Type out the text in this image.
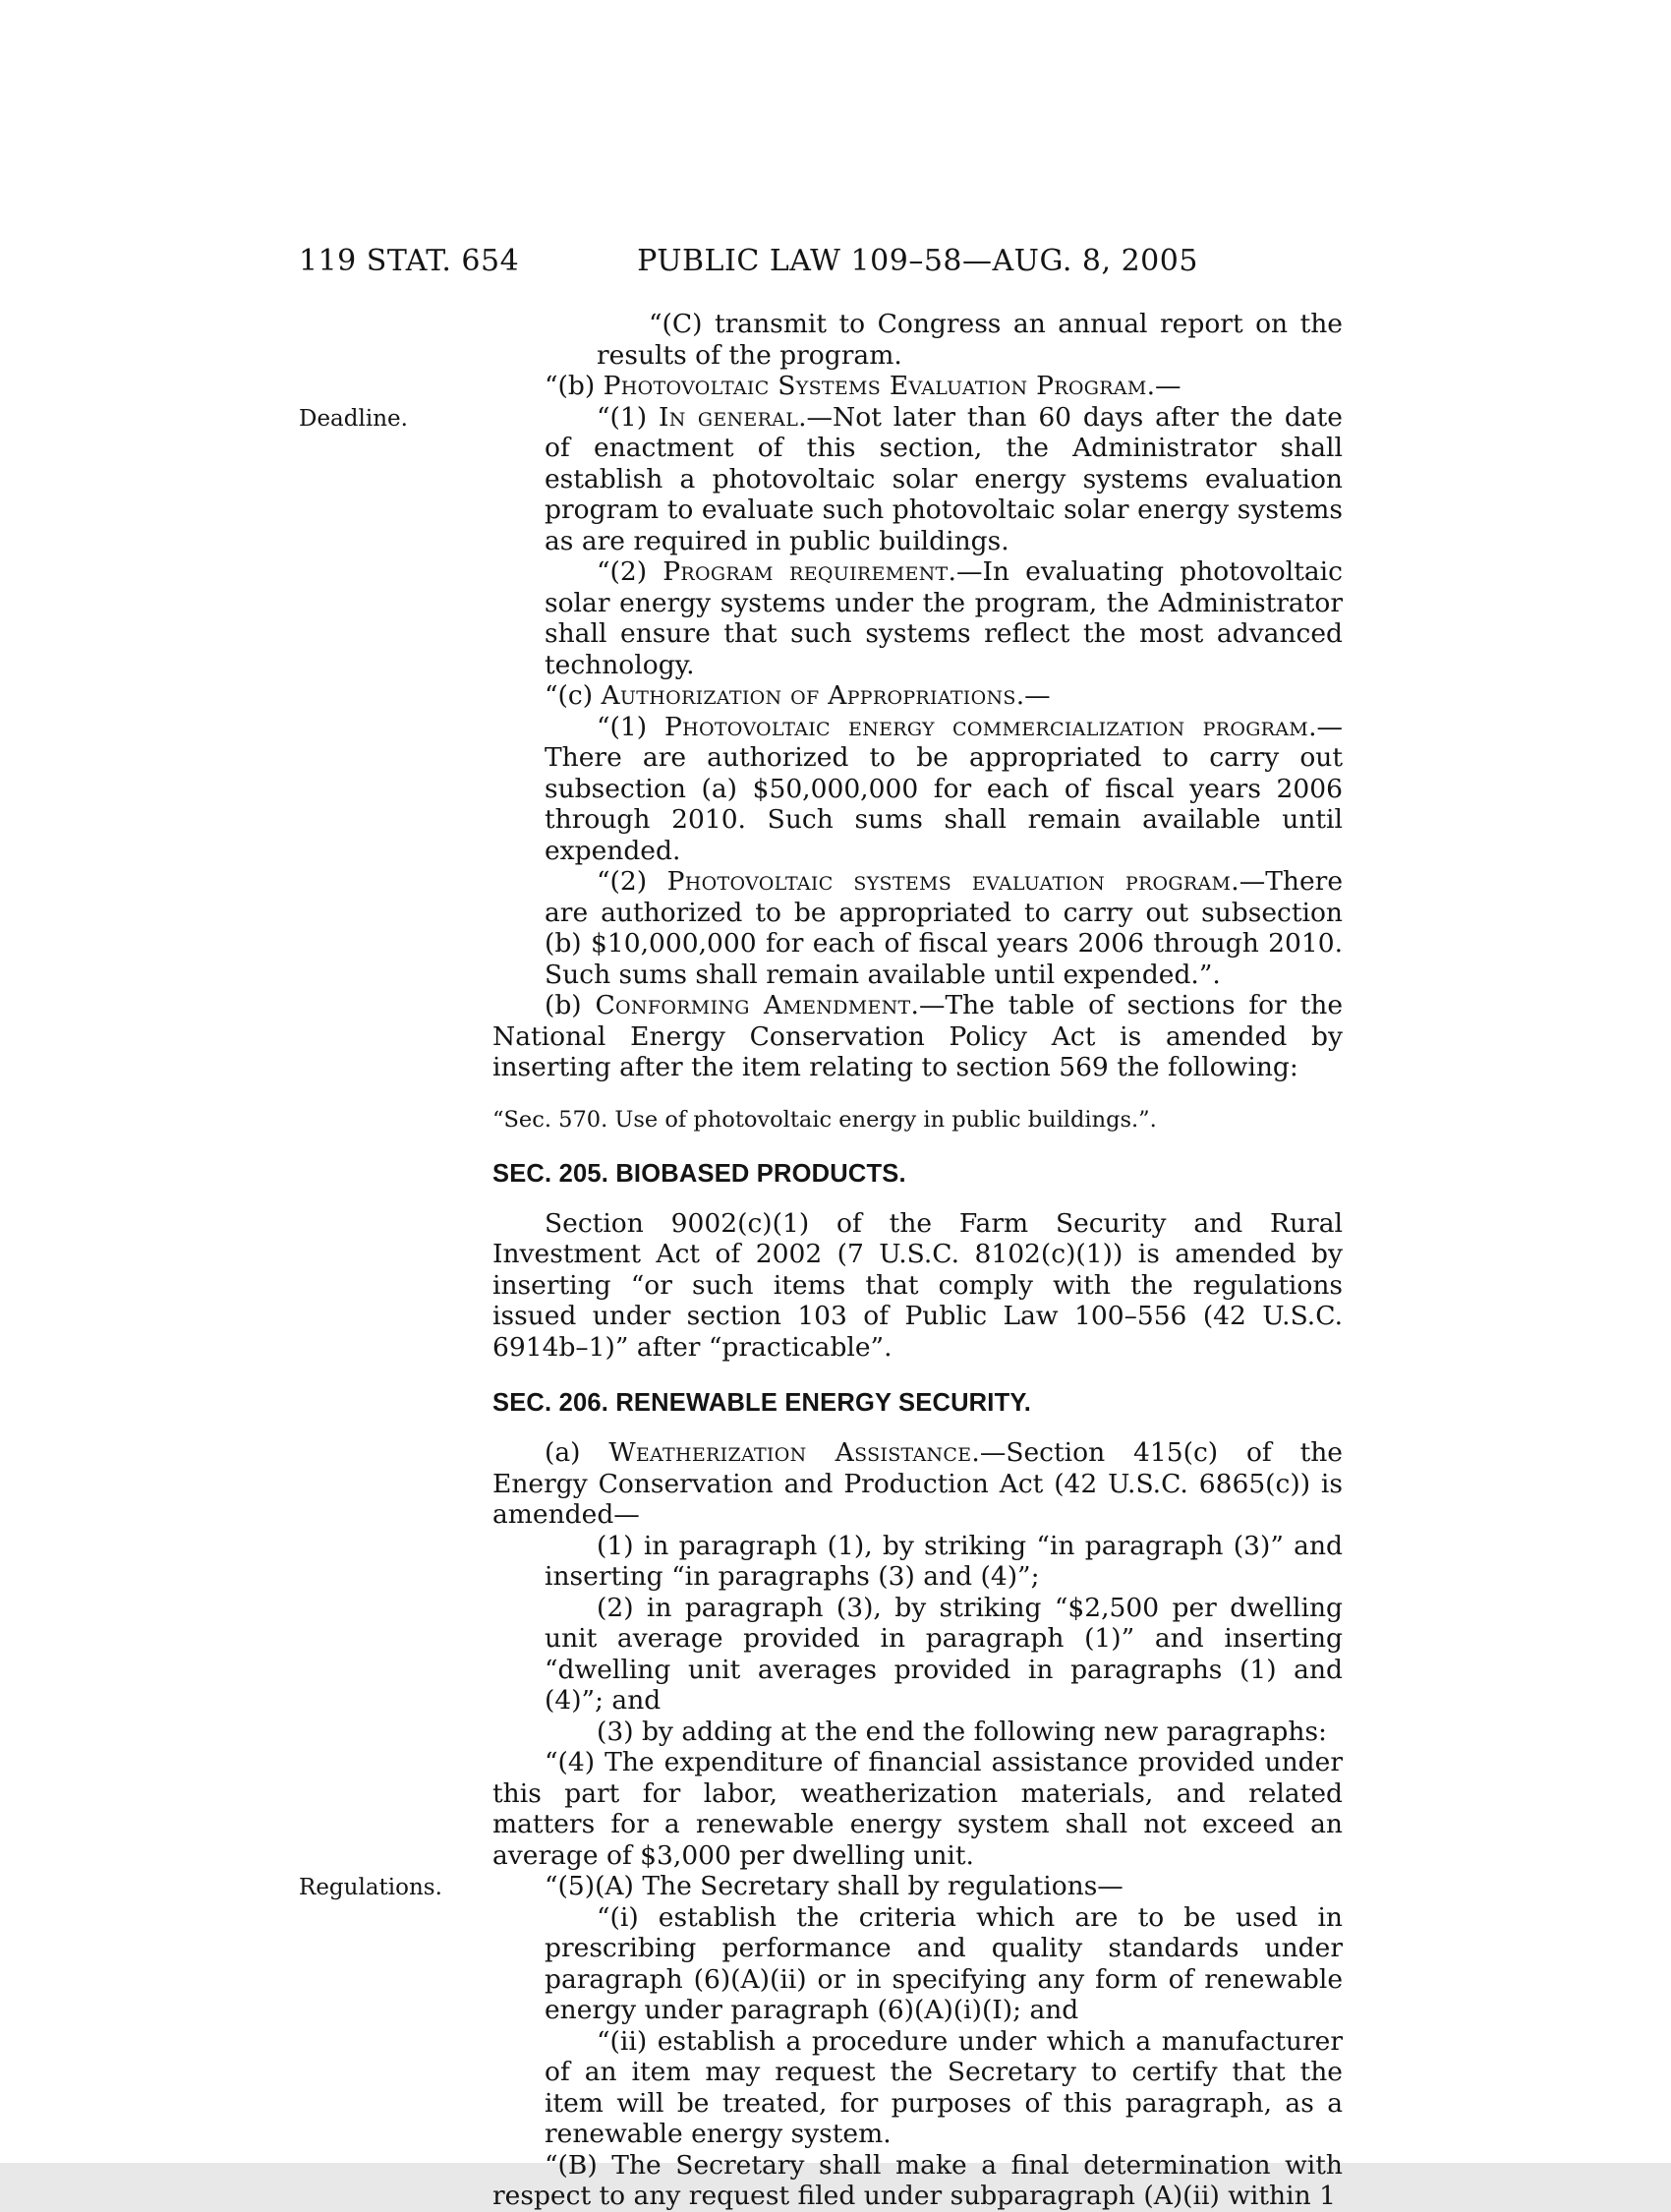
119 STAT. 654	PUBLIC LAW 109–58—AUG. 8, 2005
“(C) transmit to Congress an annual report on the results of the program.
“(b) Photovoltaic Systems Evaluation Program.—
“(1) In general.—Not later than 60 days after the date of enactment of this section, the Administrator shall establish a photovoltaic solar energy systems evaluation program to evaluate such photovoltaic solar energy systems as are required in public buildings.
Deadline.
“(2) Program requirement.—In evaluating photovoltaic solar energy systems under the program, the Administrator shall ensure that such systems reflect the most advanced technology.
“(c) Authorization of Appropriations.—
“(1) Photovoltaic energy commercialization program.—There are authorized to be appropriated to carry out subsection (a) $50,000,000 for each of fiscal years 2006 through 2010. Such sums shall remain available until expended.
“(2) Photovoltaic systems evaluation program.—There are authorized to be appropriated to carry out subsection (b) $10,000,000 for each of fiscal years 2006 through 2010. Such sums shall remain available until expended.”.
(b) Conforming Amendment.—The table of sections for the National Energy Conservation Policy Act is amended by inserting after the item relating to section 569 the following:
“Sec. 570. Use of photovoltaic energy in public buildings.”.
SEC. 205. BIOBASED PRODUCTS.
Section 9002(c)(1) of the Farm Security and Rural Investment Act of 2002 (7 U.S.C. 8102(c)(1)) is amended by inserting “or such items that comply with the regulations issued under section 103 of Public Law 100–556 (42 U.S.C. 6914b–1)” after “practicable”.
SEC. 206. RENEWABLE ENERGY SECURITY.
(a) Weatherization Assistance.—Section 415(c) of the Energy Conservation and Production Act (42 U.S.C. 6865(c)) is amended—
(1) in paragraph (1), by striking “in paragraph (3)” and inserting “in paragraphs (3) and (4)”;
(2) in paragraph (3), by striking “$2,500 per dwelling unit average provided in paragraph (1)” and inserting “dwelling unit averages provided in paragraphs (1) and (4)”; and
(3) by adding at the end the following new paragraphs:
“(4) The expenditure of financial assistance provided under this part for labor, weatherization materials, and related matters for a renewable energy system shall not exceed an average of $3,000 per dwelling unit.
“(5)(A) The Secretary shall by regulations—
Regulations.
“(i) establish the criteria which are to be used in prescribing performance and quality standards under paragraph (6)(A)(ii) or in specifying any form of renewable energy under paragraph (6)(A)(i)(I); and
“(ii) establish a procedure under which a manufacturer of an item may request the Secretary to certify that the item will be treated, for purposes of this paragraph, as a renewable energy system.
“(B) The Secretary shall make a final determination with respect to any request filed under subparagraph (A)(ii) within 1
